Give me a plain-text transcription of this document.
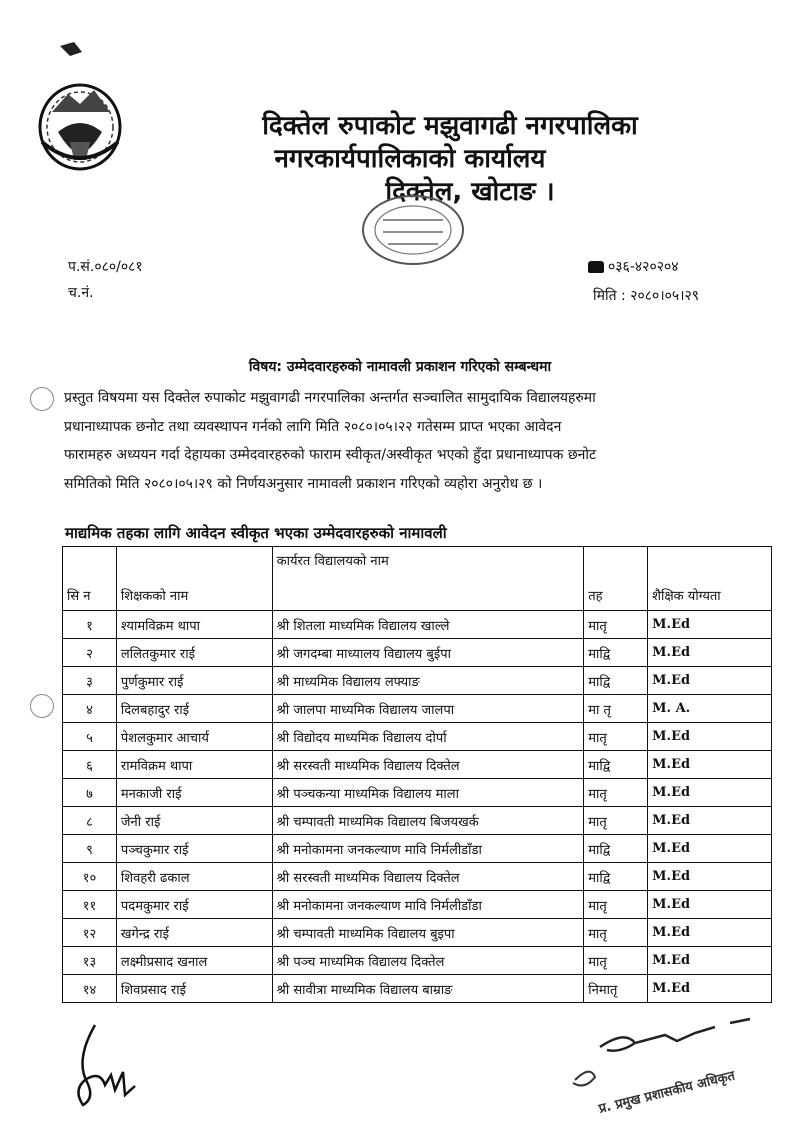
दिक्तेल रुपाकोट मझुवागढी नगरपालिका
नगरकार्यपालिकाको कार्यालय
दिक्तेल, खोटाङ ।
प.सं.०८०/०८१
च.नं.
०३६-४२०२०४
मिति : २०८०।०५।२९
विषय: उम्मेदवारहरुको नामावली प्रकाशन गरिएको सम्बन्धमा

प्रस्तुत विषयमा यस दिक्तेल रुपाकोट मझुवागढी नगरपालिका अन्तर्गत सञ्चालित सामुदायिक विद्यालयहरुमा

प्रधानाध्यापक छनोट तथा व्यवस्थापन गर्नको लागि मिति २०८०।०५।२२ गतेसम्म प्राप्त भएका आवेदन

फारामहरु अध्ययन गर्दा देहायका उम्मेदवारहरुको फाराम स्वीकृत/अस्वीकृत भएको हुँदा प्रधानाध्यापक छनोट

समितिको मिति २०८०।०५।२९ को निर्णयअनुसार नामावली प्रकाशन गरिएको व्यहोरा अनुरोध छ ।

माद्यमिक तहका लागि आवेदन स्वीकृत भएका उम्मेदवारहरुको नामावली
सि न	शिक्षकको नाम	कार्यरत विद्यालयको नाम	तह	शैक्षिक योग्यता
१	श्यामविक्रम थापा	श्री शितला माध्यमिक विद्यालय खाल्ले	मातृ	M.Ed
२	ललितकुमार राई	श्री जगदम्बा माध्यालय विद्यालय बुईपा	माद्वि	M.Ed
३	पुर्णकुमार राई	श्री माध्यमिक विद्यालय लफ्याङ	माद्वि	M.Ed
४	दिलबहादुर राई	श्री जालपा माध्यमिक विद्यालय जालपा	मा तृ	M. A.
५	पेशलकुमार आचार्य	श्री विद्योदय माध्यमिक विद्यालय दोर्पा	मातृ	M.Ed
६	रामविक्रम थापा	श्री सरस्वती माध्यमिक विद्यालय दिक्तेल	माद्वि	M.Ed
७	मनकाजी राई	श्री पञ्चकन्या माध्यमिक विद्यालय माला	मातृ	M.Ed
८	जेनी राई	श्री चम्पावती माध्यमिक विद्यालय बिजयखर्क	मातृ	M.Ed
९	पञ्चकुमार राई	श्री मनोकामना जनकल्याण मावि निर्मलीडाँडा	माद्वि	M.Ed
१०	शिवहरी ढकाल	श्री सरस्वती माध्यमिक विद्यालय दिक्तेल	माद्वि	M.Ed
११	पदमकुमार राई	श्री मनोकामना जनकल्याण मावि निर्मलीडाँडा	मातृ	M.Ed
१२	खगेन्द्र राई	श्री चम्पावती माध्यमिक विद्यालय बुइपा	मातृ	M.Ed
१३	लक्ष्मीप्रसाद खनाल	श्री पञ्च माध्यमिक विद्यालय दिक्तेल	मातृ	M.Ed
१४	शिवप्रसाद राई	श्री सावीत्रा माध्यमिक विद्यालय बाम्राङ	निमातृ	M.Ed
प्र. प्रमुख प्रशासकीय अधिकृत
